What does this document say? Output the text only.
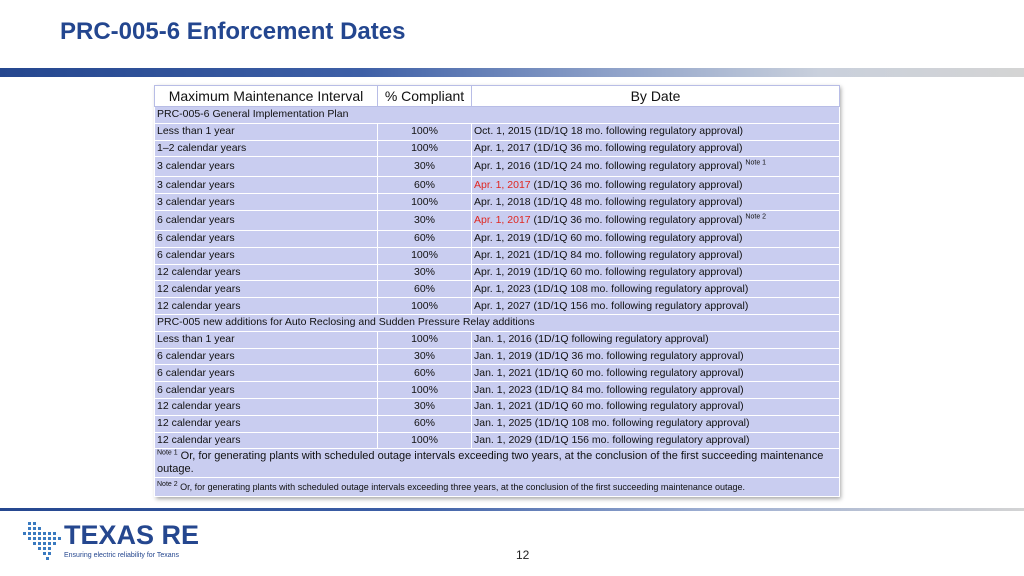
PRC-005-6 Enforcement Dates
Maximum Maintenance Interval	% Compliant	By Date
PRC-005-6 General Implementation Plan		
Less than 1 year	100%	Oct. 1, 2015 (1D/1Q 18 mo. following regulatory approval)
1–2 calendar years	100%	Apr. 1, 2017 (1D/1Q 36 mo. following regulatory approval)
3 calendar years	30%	Apr. 1, 2016 (1D/1Q 24 mo. following regulatory approval) $^{Note 1}$
3 calendar years	60%	Apr. 1, 2017 (1D/1Q 36 mo. following regulatory approval)
3 calendar years	100%	Apr. 1, 2018 (1D/1Q 48 mo. following regulatory approval)
6 calendar years	30%	Apr. 1, 2017 (1D/1Q 36 mo. following regulatory approval) $^{Note 2}$
6 calendar years	60%	Apr. 1, 2019 (1D/1Q 60 mo. following regulatory approval)
6 calendar years	100%	Apr. 1, 2021 (1D/1Q 84 mo. following regulatory approval)
12 calendar years	30%	Apr. 1, 2019 (1D/1Q 60 mo. following regulatory approval)
12 calendar years	60%	Apr. 1, 2023 (1D/1Q 108 mo. following regulatory approval)
12 calendar years	100%	Apr. 1, 2027 (1D/1Q 156 mo. following regulatory approval)
PRC-005 new additions for Auto Reclosing and Sudden Pressure Relay additions		
Less than 1 year	100%	Jan. 1, 2016 (1D/1Q following regulatory approval)
6 calendar years	30%	Jan. 1, 2019 (1D/1Q 36 mo. following regulatory approval)
6 calendar years	60%	Jan. 1, 2021 (1D/1Q 60 mo. following regulatory approval)
6 calendar years	100%	Jan. 1, 2023 (1D/1Q 84 mo. following regulatory approval)
12 calendar years	30%	Jan. 1, 2021 (1D/1Q 60 mo. following regulatory approval)
12 calendar years	60%	Jan. 1, 2025 (1D/1Q 108 mo. following regulatory approval)
12 calendar years	100%	Jan. 1, 2029 (1D/1Q 156 mo. following regulatory approval)
$^{Note 1}$ Or, for generating plants with scheduled outage intervals exceeding two years, at the conclusion of the first succeeding maintenance outage.		
$^{Note 2}$ Or, for generating plants with scheduled outage intervals exceeding three years, at the conclusion of the first succeeding maintenance outage.		
TEXAS RE
Ensuring electric reliability for Texans	12
